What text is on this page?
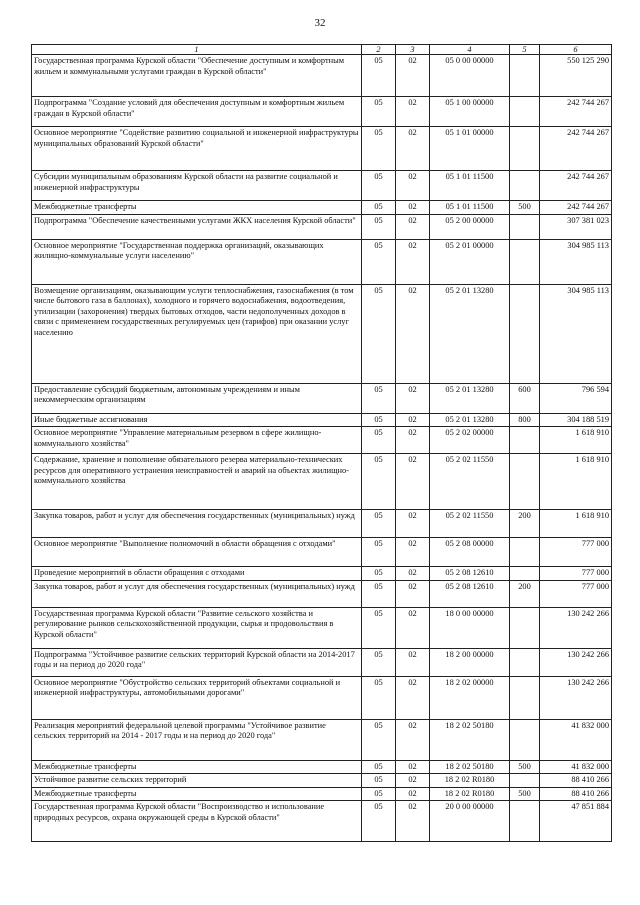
32
1	2	3	4	5	6
Государственная программа Курской области "Обеспечение доступным и комфортным жильем и коммунальными услугами граждан в Курской области"	05	02	05 0 00 00000		550 125 290
Подпрограмма "Создание условий для обеспечения доступным и комфортным жильем граждан в Курской области"	05	02	05 1 00 00000		242 744 267
Основное мероприятие "Содействие развитию социальной и инженерной инфраструктуры муниципальных образований Курской области"	05	02	05 1 01 00000		242 744 267
Субсидии муниципальным образованиям Курской области на развитие социальной и инженерной инфраструктуры	05	02	05 1 01 11500		242 744 267
Межбюджетные трансферты	05	02	05 1 01 11500	500	242 744 267
Подпрограмма "Обеспечение качественными услугами ЖКХ населения Курской области"	05	02	05 2 00 00000		307 381 023
Основное мероприятие "Государственная поддержка организаций, оказывающих жилищно-коммунальные услуги населению"	05	02	05 2 01 00000		304 985 113
Возмещение организациям, оказывающим услуги теплоснабжения, газоснабжения (в том числе бытового газа в баллонах), холодного и горячего водоснабжения, водоотведения, утилизации (захоронения) твердых бытовых отходов, части недополученных доходов в связи с применением государственных регулируемых цен (тарифов) при оказании услуг населению	05	02	05 2 01 13280		304 985 113
Предоставление субсидий бюджетным, автономным учреждениям и иным некоммерческим организациям	05	02	05 2 01 13280	600	796 594
Иные бюджетные ассигнования	05	02	05 2 01 13280	800	304 188 519
Основное мероприятие "Управление материальным резервом в сфере жилищно-коммунального хозяйства"	05	02	05 2 02 00000		1 618 910
Содержание, хранение и пополнение обязательного резерва материально-технических ресурсов для оперативного устранения неисправностей и аварий на объектах жилищно-коммунального хозяйства	05	02	05 2 02 11550		1 618 910
Закупка товаров, работ и услуг для обеспечения государственных (муниципальных) нужд	05	02	05 2 02 11550	200	1 618 910
Основное мероприятие "Выполнение полномочий в области обращения с отходами"	05	02	05 2 08 00000		777 000
Проведение мероприятий в области обращения с отходами	05	02	05 2 08 12610		777 000
Закупка товаров, работ и услуг для обеспечения государственных (муниципальных) нужд	05	02	05 2 08 12610	200	777 000
Государственная программа Курской области "Развитие сельского хозяйства и регулирование рынков сельскохозяйственной продукции, сырья и продовольствия в Курской области"	05	02	18 0 00 00000		130 242 266
Подпрограмма "Устойчивое развитие сельских территорий Курской области на 2014-2017 годы и на период до 2020 года"	05	02	18 2 00 00000		130 242 266
Основное мероприятие "Обустройство сельских территорий объектами социальной и инженерной инфраструктуры, автомобильными дорогами"	05	02	18 2 02 00000		130 242 266
Реализация мероприятий федеральной целевой программы "Устойчивое развитие сельских территорий на 2014 - 2017 годы и на период до 2020 года"	05	02	18 2 02 50180		41 832 000
Межбюджетные трансферты	05	02	18 2 02 50180	500	41 832 000
Устойчивое развитие сельских территорий	05	02	18 2 02 R0180		88 410 266
Межбюджетные трансферты	05	02	18 2 02 R0180	500	88 410 266
Государственная программа Курской области "Воспроизводство и использование природных ресурсов, охрана окружающей среды в Курской области"	05	02	20 0 00 00000		47 851 884
